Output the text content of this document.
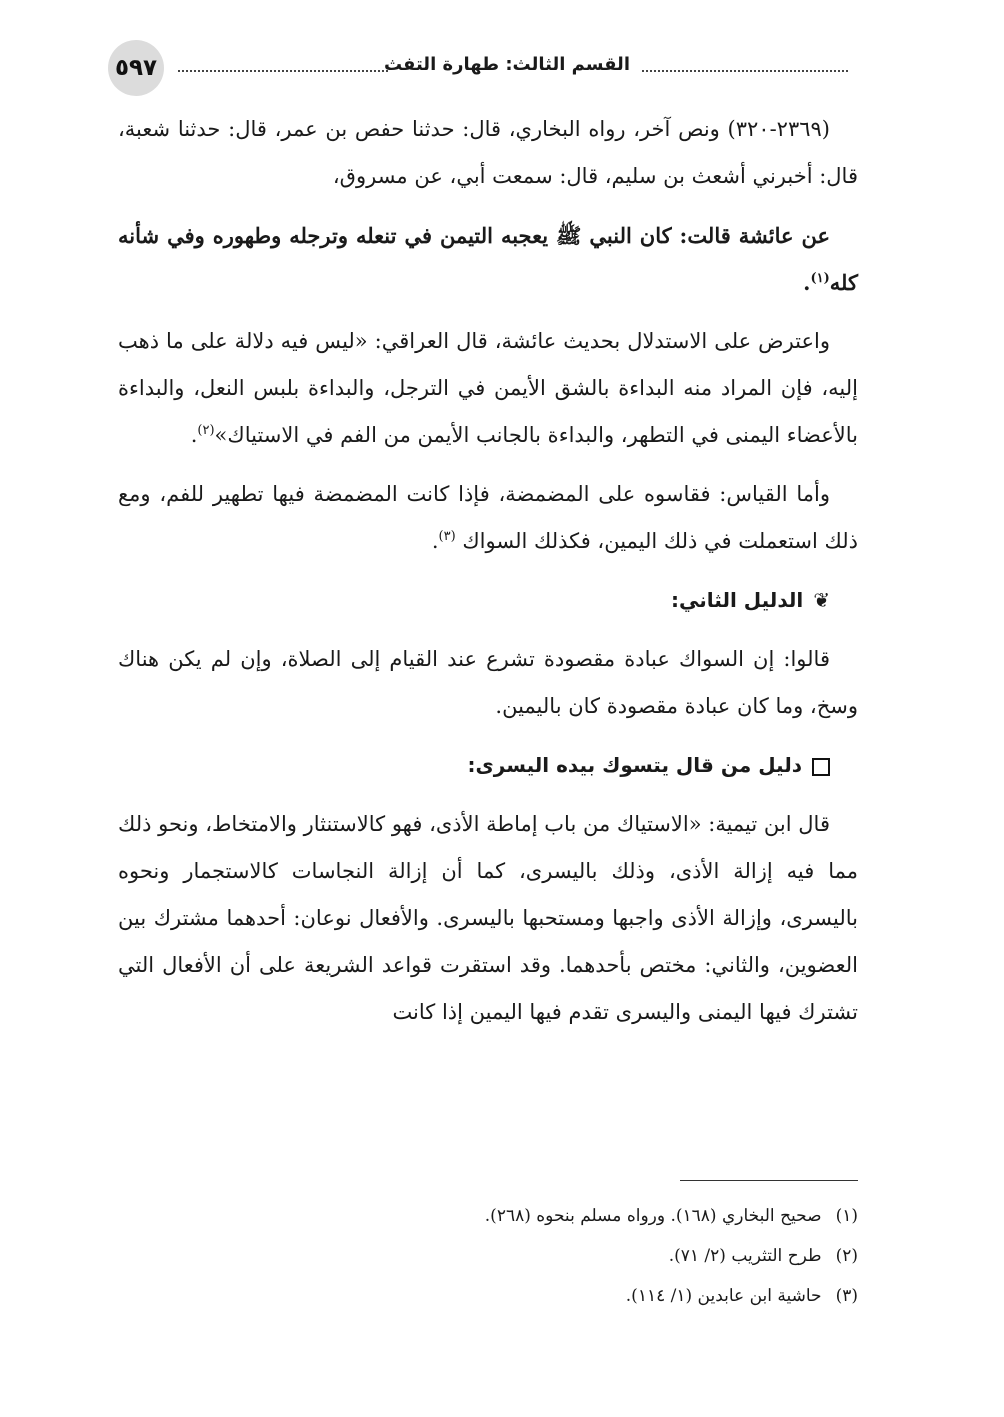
٥٩٧	القسم الثالث: طهارة التفث

(٢٣٦٩-٣٢٠) ونص آخر، رواه البخاري، قال: حدثنا حفص بن عمر، قال: حدثنا شعبة، قال: أخبرني أشعث بن سليم، قال: سمعت أبي، عن مسروق،

عن عائشة قالت: كان النبي ﷺ يعجبه التيمن في تنعله وترجله وطهوره وفي شأنه كله$^{(١)}$.

واعترض على الاستدلال بحديث عائشة، قال العراقي: «ليس فيه دلالة على ما ذهب إليه، فإن المراد منه البداءة بالشق الأيمن في الترجل، والبداءة بلبس النعل، والبداءة بالأعضاء اليمنى في التطهر، والبداءة بالجانب الأيمن من الفم في الاستياك»$^{(٢)}$.

وأما القياس: فقاسوه على المضمضة، فإذا كانت المضمضة فيها تطهير للفم، ومع ذلك استعملت في ذلك اليمين، فكذلك السواك $^{(٣)}$.

❦الدليل الثاني:

قالوا: إن السواك عبادة مقصودة تشرع عند القيام إلى الصلاة، وإن لم يكن هناك وسخ، وما كان عبادة مقصودة كان باليمين.

دليل من قال يتسوك بيده اليسرى:

قال ابن تيمية: «الاستياك من باب إماطة الأذى، فهو كالاستنثار والامتخاط، ونحو ذلك مما فيه إزالة الأذى، وذلك باليسرى، كما أن إزالة النجاسات كالاستجمار ونحوه باليسرى، وإزالة الأذى واجبها ومستحبها باليسرى. والأفعال نوعان: أحدهما مشترك بين العضوين، والثاني: مختص بأحدهما. وقد استقرت قواعد الشريعة على أن الأفعال التي تشترك فيها اليمنى واليسرى تقدم فيها اليمين إذا كانت

(١)
صحيح البخاري (١٦٨). ورواه مسلم بنحوه (٢٦٨).
(٢)
طرح التثريب (٢/ ٧١).
(٣)
حاشية ابن عابدين (١/ ١١٤).
